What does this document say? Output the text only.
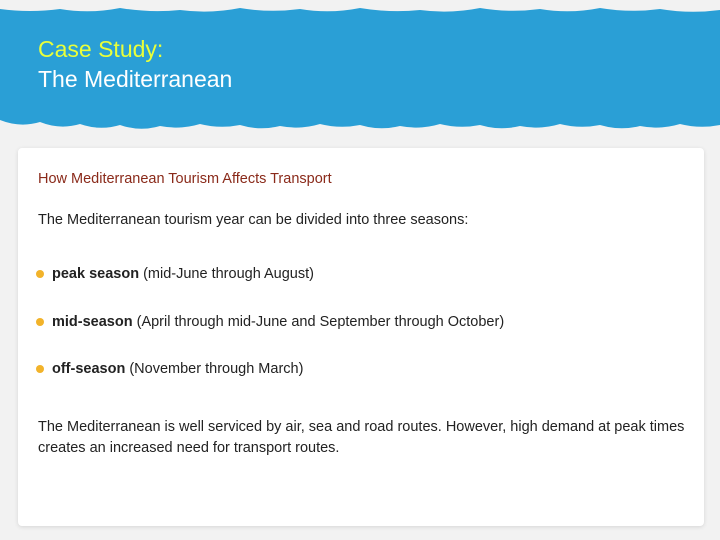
Case Study:
The Mediterranean
How Mediterranean Tourism Affects Transport
The Mediterranean tourism year can be divided into three seasons:
peak season (mid-June through August)
mid-season (April through mid-June and September through October)
off-season (November through March)
The Mediterranean is well serviced by air, sea and road routes. However, high demand at peak times creates an increased need for transport routes.
